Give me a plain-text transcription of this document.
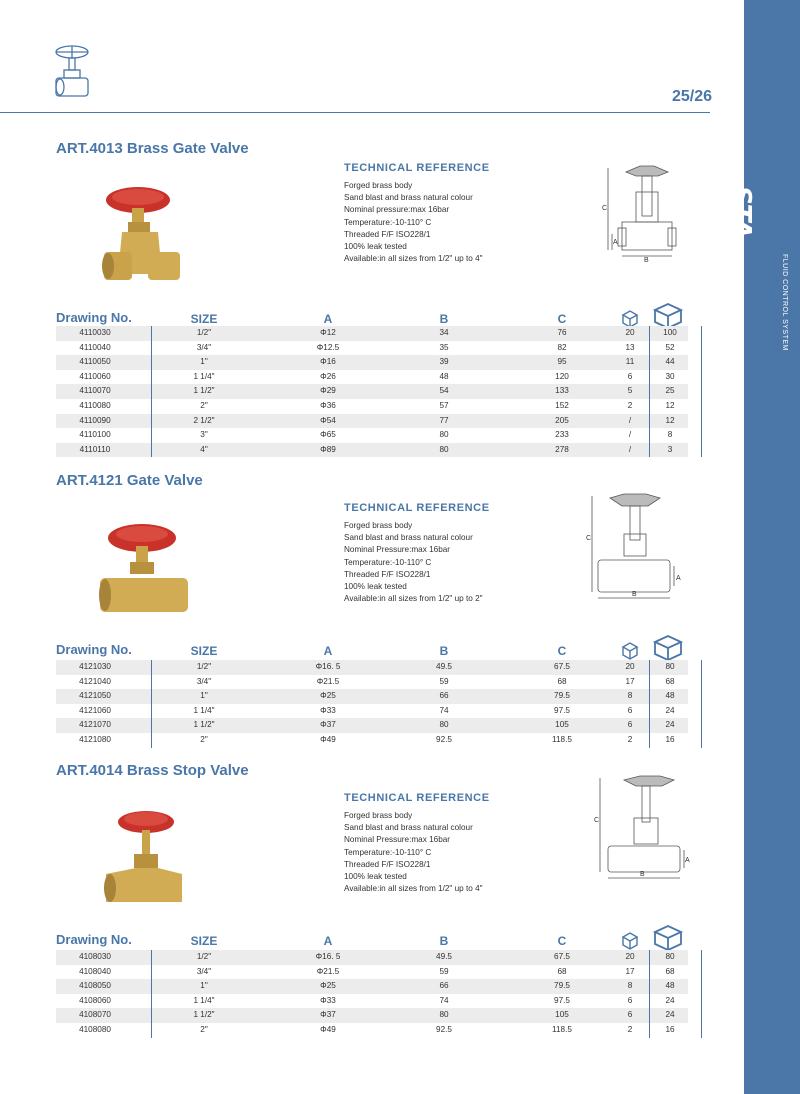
STASTANDARD	FLUID CONTROL SYSTEM
25/26
ART.4013 Brass Gate Valve
TECHNICAL REFERENCE
Forged brass body
Sand blast and brass natural colour
Nominal pressure:max 16bar
Temperature:-10-110° C
Threaded F/F ISO228/1
100% leak tested
Available:in all sizes from 1/2" up to 4"
C
A
B
Drawing No.	SIZE	A	B	C
4110030	1/2"	Φ12	34	76	20	100
4110040	3/4"	Φ12.5	35	82	13	52
4110050	1"	Φ16	39	95	11	44
4110060	1 1/4"	Φ26	48	120	6	30
4110070	1 1/2"	Φ29	54	133	5	25
4110080	2"	Φ36	57	152	2	12
4110090	2 1/2"	Φ54	77	205	/	12
4110100	3"	Φ65	80	233	/	8
4110110	4"	Φ89	80	278	/	3
ART.4121 Gate Valve
TECHNICAL REFERENCE
Forged brass body
Sand blast and brass natural colour
Nominal Pressure:max 16bar
Temperature:-10-110° C
Threaded F/F ISO228/1
100% leak tested
Available:in all sizes from 1/2" up to 2"
C
A
B
Drawing No.	SIZE	A	B	C
4121030	1/2"	Φ16. 5	49.5	67.5	20	80
4121040	3/4"	Φ21.5	59	68	17	68
4121050	1"	Φ25	66	79.5	8	48
4121060	1 1/4"	Φ33	74	97.5	6	24
4121070	1 1/2"	Φ37	80	105	6	24
4121080	2"	Φ49	92.5	118.5	2	16
ART.4014 Brass Stop Valve
TECHNICAL REFERENCE
Forged brass body
Sand blast and brass natural colour
Nominal Pressure:max 16bar
Temperature:-10-110° C
Threaded F/F ISO228/1
100% leak tested
Available:in all sizes from 1/2" up to 4"
C
A
B
Drawing No.	SIZE	A	B	C
4108030	1/2"	Φ16. 5	49.5	67.5	20	80
4108040	3/4"	Φ21.5	59	68	17	68
4108050	1"	Φ25	66	79.5	8	48
4108060	1 1/4"	Φ33	74	97.5	6	24
4108070	1 1/2"	Φ37	80	105	6	24
4108080	2"	Φ49	92.5	118.5	2	16
